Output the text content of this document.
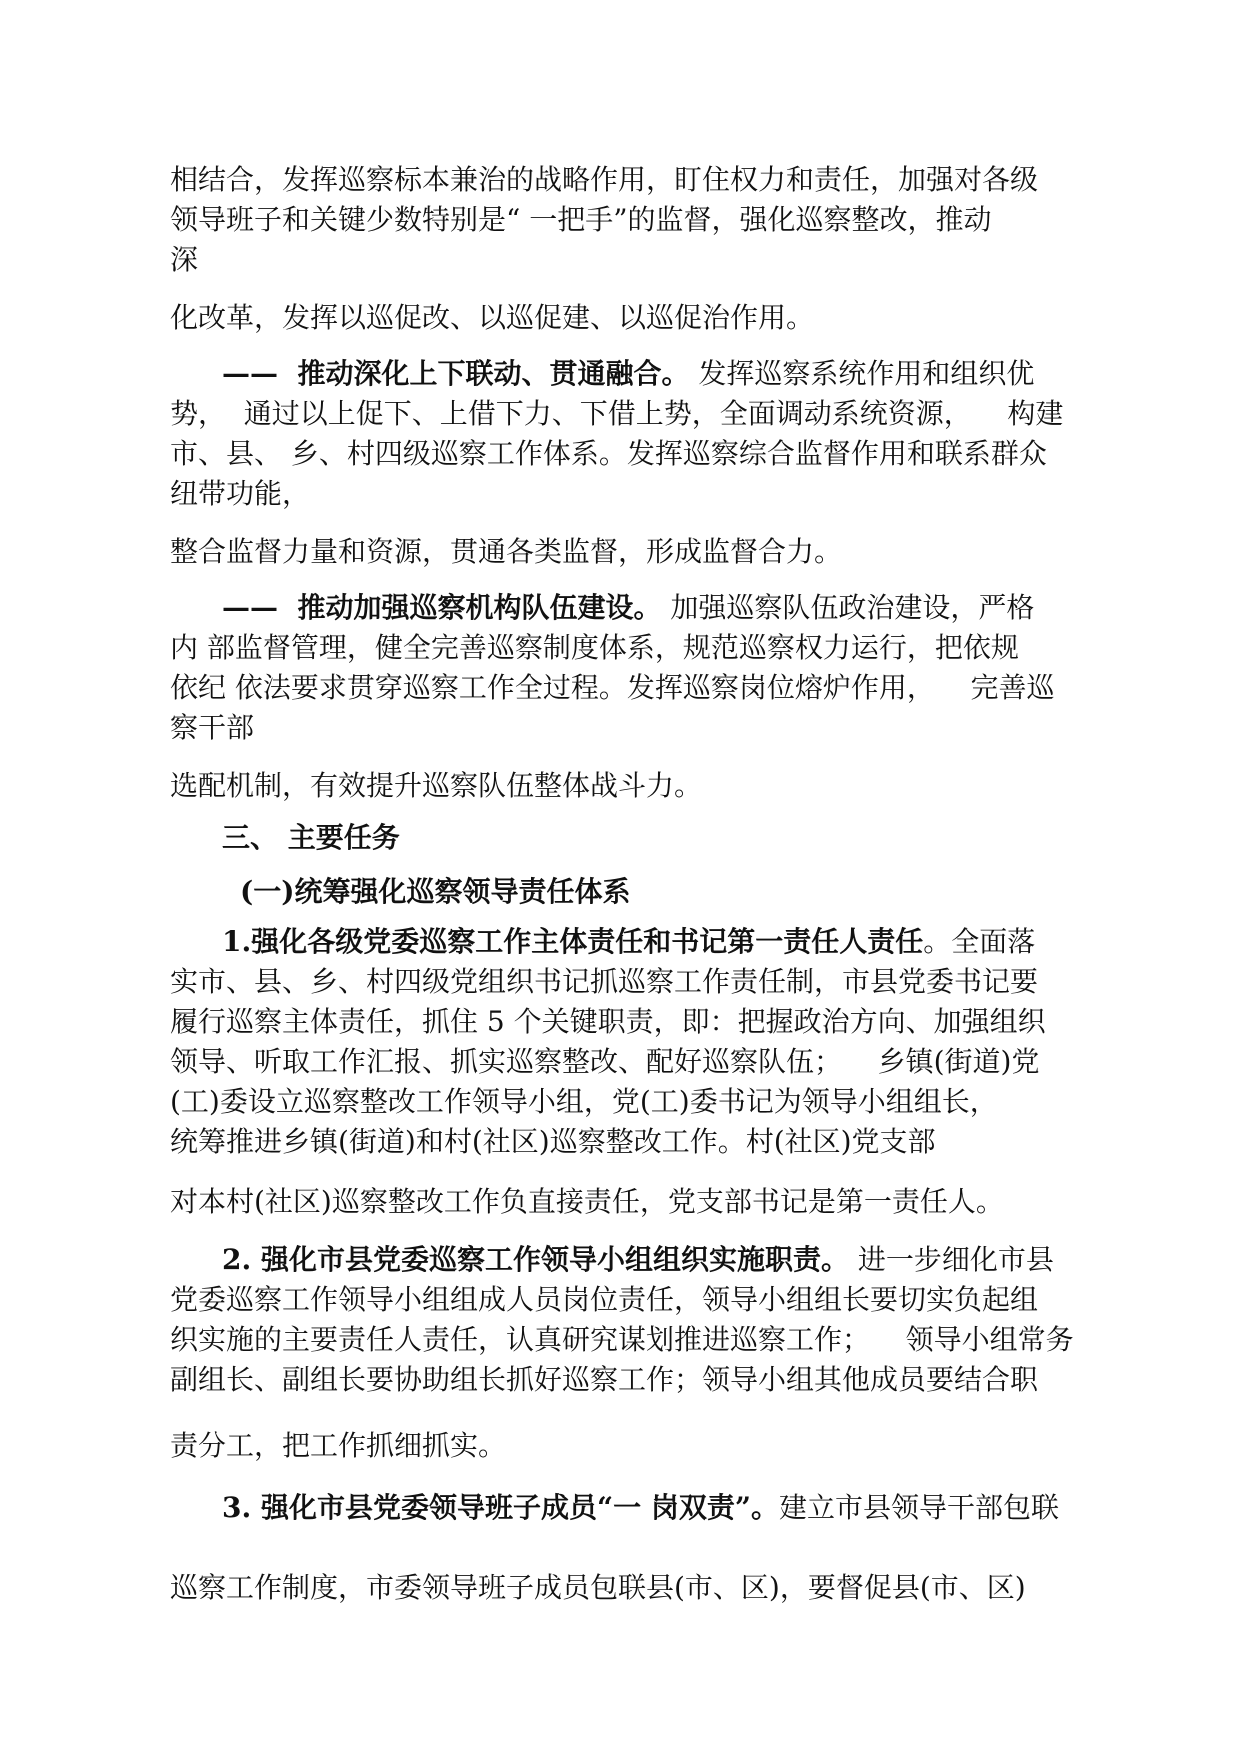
相结合，发挥巡察标本兼治的战略作用，盯住权力和责任，加强对各级
领导班子和关键少数特别是“ 一把手”的监督，强化巡察整改，推动
深
化改革，发挥以巡促改、以巡促建、以巡促治作用。
——  推动深化上下联动、贯通融合。 发挥巡察系统作用和组织优
势，  通过以上促下、上借下力、下借上势，全面调动系统资源，    构建
市、县、 乡、村四级巡察工作体系。发挥巡察综合监督作用和联系群众
纽带功能，
整合监督力量和资源，贯通各类监督，形成监督合力。
——  推动加强巡察机构队伍建设。 加强巡察队伍政治建设，严格
内 部监督管理，健全完善巡察制度体系，规范巡察权力运行，把依规
依纪 依法要求贯穿巡察工作全过程。发挥巡察岗位熔炉作用，    完善巡
察干部
选配机制，有效提升巡察队伍整体战斗力。
三、 主要任务
(一)统筹强化巡察领导责任体系
1.强化各级党委巡察工作主体责任和书记第一责任人责任。全面落
实市、县、乡、村四级党组织书记抓巡察工作责任制，市县党委书记要
履行巡察主体责任，抓住 5 个关键职责，即：把握政治方向、加强组织
领导、听取工作汇报、抓实巡察整改、配好巡察队伍；    乡镇(街道)党
(工)委设立巡察整改工作领导小组，党(工)委书记为领导小组组长，
统筹推进乡镇(街道)和村(社区)巡察整改工作。村(社区)党支部
对本村(社区)巡察整改工作负直接责任，党支部书记是第一责任人。
2. 强化市县党委巡察工作领导小组组织实施职责。 进一步细化市县
党委巡察工作领导小组组成人员岗位责任，领导小组组长要切实负起组
织实施的主要责任人责任，认真研究谋划推进巡察工作；    领导小组常务
副组长、副组长要协助组长抓好巡察工作；领导小组其他成员要结合职
责分工，把工作抓细抓实。
3. 强化市县党委领导班子成员“一 岗双责”。建立市县领导干部包联
巡察工作制度，市委领导班子成员包联县(市、区)，要督促县(市、区)
